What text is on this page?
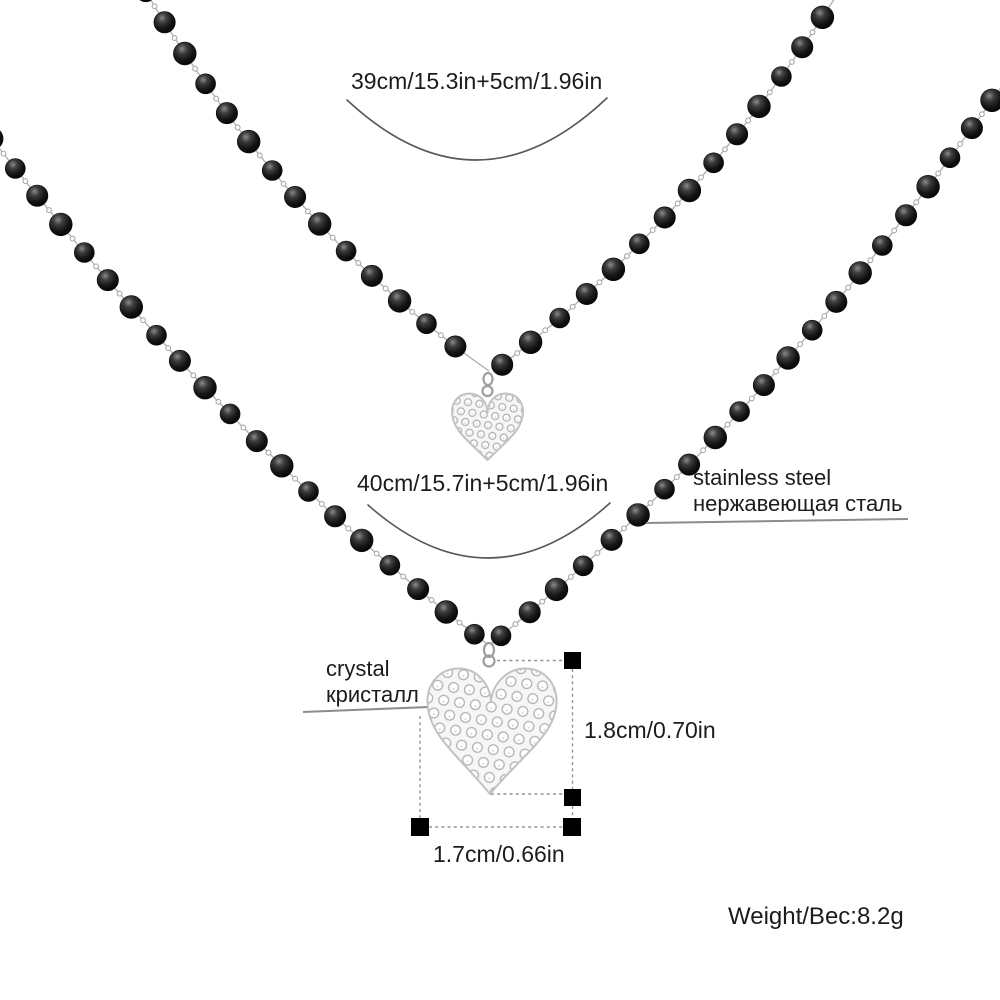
39cm/15.3in+5cm/1.96in
40cm/15.7in+5cm/1.96in	stainless steel
нержавеющая сталь
crystal
кристалл
1.8cm/0.70in
1.7cm/0.66in
Weight/Bec:8.2g
